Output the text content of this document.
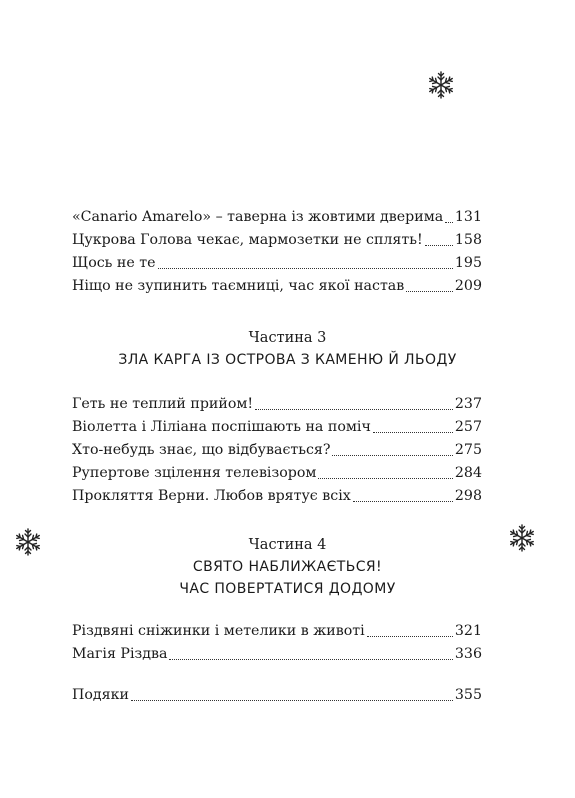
«Canario Amarelo» – таверна із жовтими дверима 131
Цукрова Голова чекає, мармозетки не сплять! 158
Щось не те	195
Ніщо не зупинить таємниці, час якої настав	209
Частина 3
ЗЛА КАРГА ІЗ ОСТРОВА З КАМЕНЮ Й ЛЬОДУ
Геть не теплий прийом!	237
Віолетта і Ліліана поспішають на поміч	257
Хто-небудь знає, що відбувається?	275
Рупертове зцілення телевізором	284
Прокляття Верни. Любов врятує всіх	298
Частина 4
СВЯТО НАБЛИЖАЄТЬСЯ!
ЧАС ПОВЕРТАТИСЯ ДОДОМУ
Різдвяні сніжинки і метелики в животі	321
Магія Різдва	336
Подяки	355
